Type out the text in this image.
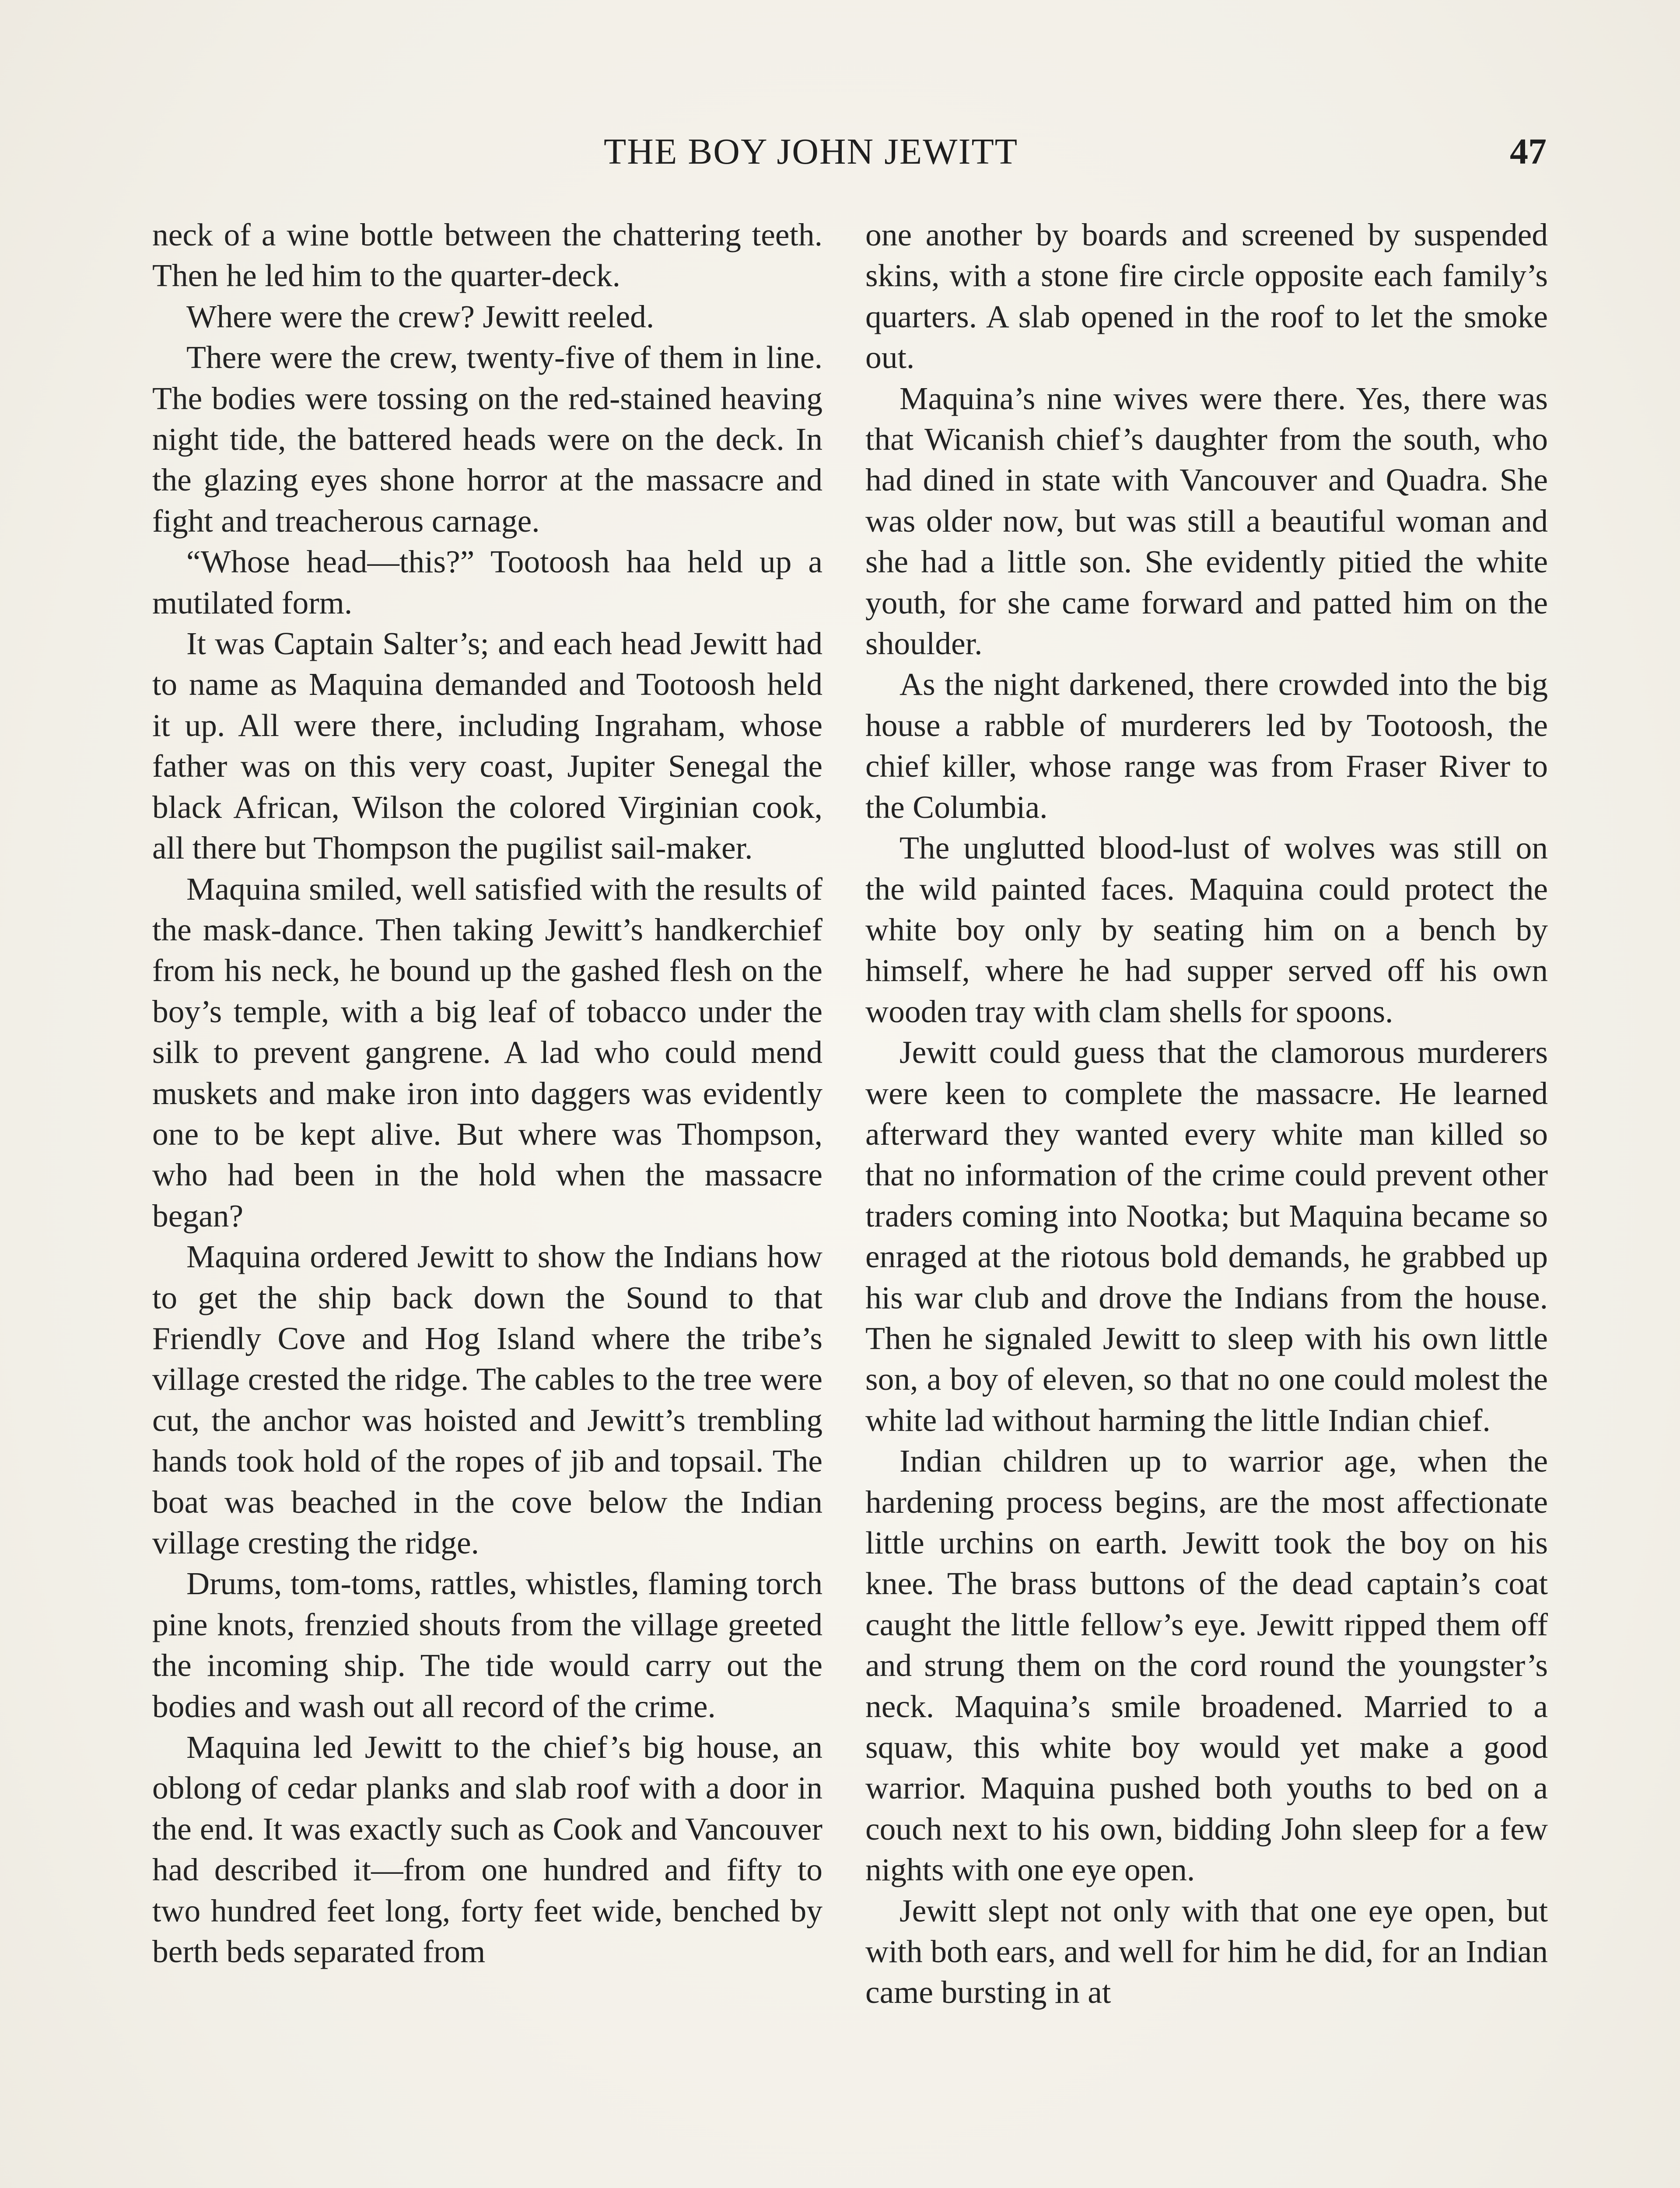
THE BOY JOHN JEWITT	47

neck of a wine bottle between the chattering teeth. Then he led him to the quarter-deck.

Where were the crew? Jewitt reeled.

There were the crew, twenty-five of them in line. The bodies were tossing on the red-stained heaving night tide, the battered heads were on the deck. In the glazing eyes shone horror at the massacre and fight and treacherous carnage.

“Whose head—this?” Tootoosh haa held up a mutilated form.

It was Captain Salter’s; and each head Jewitt had to name as Maquina demanded and Tootoosh held it up. All were there, including Ingraham, whose father was on this very coast, Jupiter Senegal the black African, Wilson the colored Virginian cook, all there but Thompson the pugilist sail-maker.

Maquina smiled, well satisfied with the results of the mask-dance. Then taking Jewitt’s handkerchief from his neck, he bound up the gashed flesh on the boy’s temple, with a big leaf of tobacco under the silk to prevent gangrene. A lad who could mend muskets and make iron into daggers was evidently one to be kept alive. But where was Thompson, who had been in the hold when the massacre began?

Maquina ordered Jewitt to show the Indians how to get the ship back down the Sound to that Friendly Cove and Hog Island where the tribe’s village crested the ridge. The cables to the tree were cut, the anchor was hoisted and Jewitt’s trembling hands took hold of the ropes of jib and topsail. The boat was beached in the cove below the Indian village cresting the ridge.

Drums, tom-toms, rattles, whistles, flaming torch pine knots, frenzied shouts from the village greeted the incoming ship. The tide would carry out the bodies and wash out all record of the crime.

Maquina led Jewitt to the chief’s big house, an oblong of cedar planks and slab roof with a door in the end. It was exactly such as Cook and Vancouver had described it—from one hundred and fifty to two hundred feet long, forty feet wide, benched by berth beds separated from

one another by boards and screened by suspended skins, with a stone fire circle opposite each family’s quarters. A slab opened in the roof to let the smoke out.

Maquina’s nine wives were there. Yes, there was that Wicanish chief’s daughter from the south, who had dined in state with Vancouver and Quadra. She was older now, but was still a beautiful woman and she had a little son. She evidently pitied the white youth, for she came forward and patted him on the shoulder.

As the night darkened, there crowded into the big house a rabble of murderers led by Tootoosh, the chief killer, whose range was from Fraser River to the Columbia.

The unglutted blood-lust of wolves was still on the wild painted faces. Maquina could protect the white boy only by seating him on a bench by himself, where he had supper served off his own wooden tray with clam shells for spoons.

Jewitt could guess that the clamorous murderers were keen to complete the massacre. He learned afterward they wanted every white man killed so that no information of the crime could prevent other traders coming into Nootka; but Maquina became so enraged at the riotous bold demands, he grabbed up his war club and drove the Indians from the house. Then he signaled Jewitt to sleep with his own little son, a boy of eleven, so that no one could molest the white lad without harming the little Indian chief.

Indian children up to warrior age, when the hardening process begins, are the most affectionate little urchins on earth. Jewitt took the boy on his knee. The brass buttons of the dead captain’s coat caught the little fellow’s eye. Jewitt ripped them off and strung them on the cord round the youngster’s neck. Maquina’s smile broadened. Married to a squaw, this white boy would yet make a good warrior. Maquina pushed both youths to bed on a couch next to his own, bidding John sleep for a few nights with one eye open.

Jewitt slept not only with that one eye open, but with both ears, and well for him he did, for an Indian came bursting in at
